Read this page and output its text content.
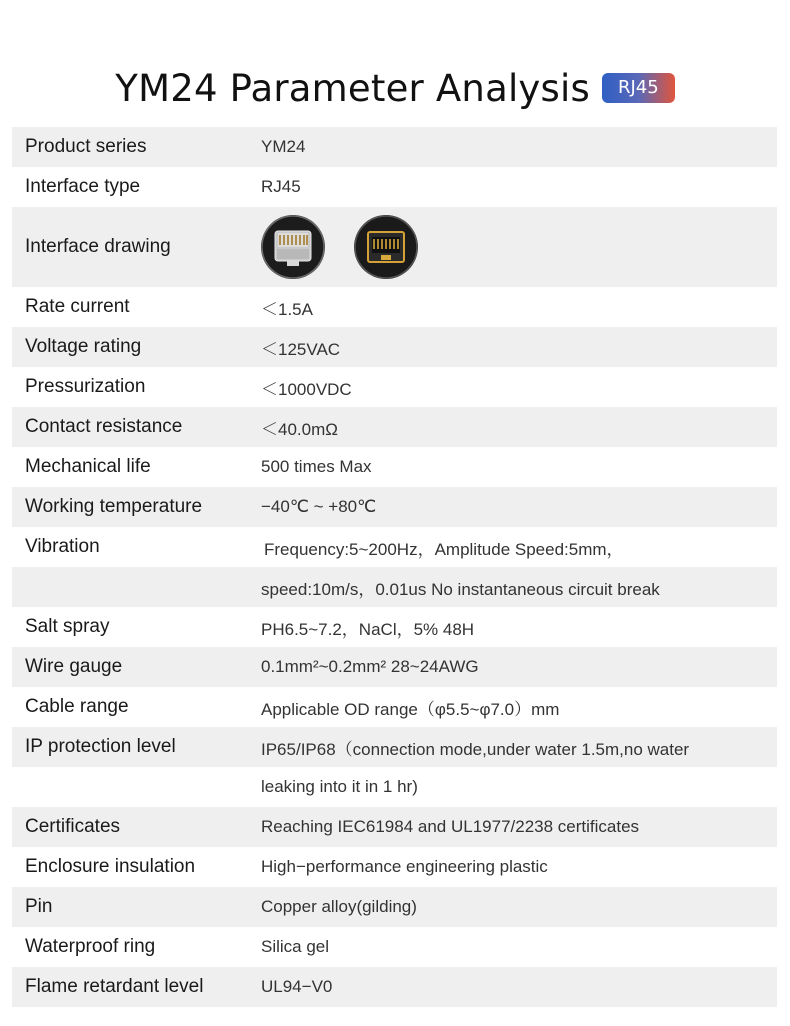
YM24 Parameter Analysis	RJ45
Product series	YM24
Interface type	RJ45
Interface drawing

Rate current	＜1.5A
Voltage rating	＜125VAC
Pressurization	＜1000VDC
Contact resistance	＜40.0mΩ
Mechanical life	500 times Max
Working temperature	−40℃ ~ +80℃
Vibration	Frequency:5~200Hz，Amplitude Speed:5mm，
speed:10m/s，0.01us No instantaneous circuit break
Salt spray	PH6.5~7.2，NaCl，5% 48H
Wire gauge	0.1mm²~0.2mm² 28~24AWG
Cable range	Applicable OD range（φ5.5~φ7.0）mm
IP protection level	IP65/IP68（connection mode,under water 1.5m,no water
leaking into it in 1 hr)
Certificates	Reaching IEC61984 and UL1977/2238 certificates
Enclosure insulation	High−performance engineering plastic
Pin	Copper alloy(gilding)
Waterproof ring	Silica gel
Flame retardant level	UL94−V0
